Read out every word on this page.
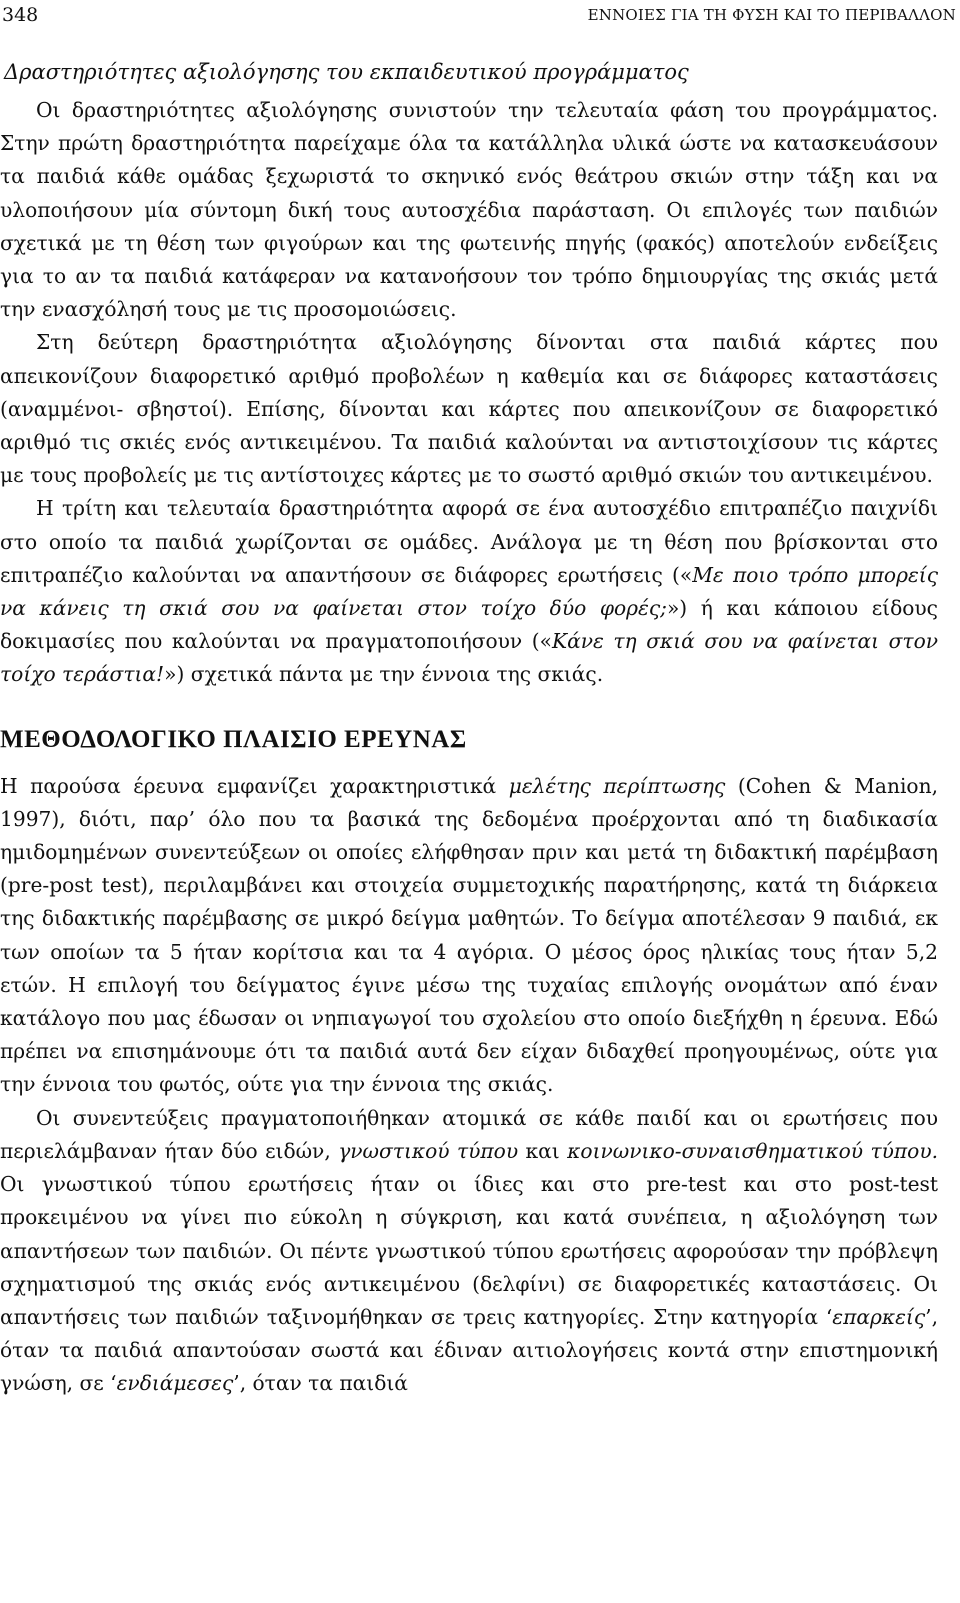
348	ΕΝΝΟΙΕΣ ΓΙΑ ΤΗ ΦΥΣΗ ΚΑΙ ΤΟ ΠΕΡΙΒΑΛΛΟΝ
Δραστηριότητες αξιολόγησης του εκπαιδευτικού προγράμματος

Οι δραστηριότητες αξιολόγησης συνιστούν την τελευταία φάση του προγράμματος. Στην πρώτη δραστηριότητα παρείχαμε όλα τα κατάλληλα υλικά ώστε να κατασκευάσουν τα παιδιά κάθε ομάδας ξεχωριστά το σκηνικό ενός θεάτρου σκιών στην τάξη και να υλοποιήσουν μία σύντομη δική τους αυτοσχέδια παράσταση. Οι επιλογές των παιδιών σχετικά με τη θέση των φιγούρων και της φωτεινής πηγής (φακός) αποτελούν ενδείξεις για το αν τα παιδιά κατάφεραν να κατανοήσουν τον τρόπο δημιουργίας της σκιάς μετά την ενασχόλησή τους με τις προσομοιώσεις.

Στη δεύτερη δραστηριότητα αξιολόγησης δίνονται στα παιδιά κάρτες που απεικονίζουν διαφορετικό αριθμό προβολέων η καθεμία και σε διάφορες καταστάσεις (αναμμένοι- σβηστοί). Επίσης, δίνονται και κάρτες που απεικονίζουν σε διαφορετικό αριθμό τις σκιές ενός αντικειμένου. Τα παιδιά καλούνται να αντιστοιχίσουν τις κάρτες με τους προβολείς με τις αντίστοιχες κάρτες με το σωστό αριθμό σκιών του αντικειμένου.

Η τρίτη και τελευταία δραστηριότητα αφορά σε ένα αυτοσχέδιο επιτραπέζιο παιχνίδι στο οποίο τα παιδιά χωρίζονται σε ομάδες. Ανάλογα με τη θέση που βρίσκονται στο επιτραπέζιο καλούνται να απαντήσουν σε διάφορες ερωτήσεις («Με ποιο τρόπο μπορείς να κάνεις τη σκιά σου να φαίνεται στον τοίχο δύο φορές;») ή και κάποιου είδους δοκιμασίες που καλούνται να πραγματοποιήσουν («Κάνε τη σκιά σου να φαίνεται στον τοίχο τεράστια!») σχετικά πάντα με την έννοια της σκιάς.

ΜΕΘΟΔΟΛΟΓΙΚΟ ΠΛΑΙΣΙΟ ΕΡΕΥΝΑΣ

Η παρούσα έρευνα εμφανίζει χαρακτηριστικά μελέτης περίπτωσης (Cohen & Manion, 1997), διότι, παρ’ όλο που τα βασικά της δεδομένα προέρχονται από τη διαδικασία ημιδομημένων συνεντεύξεων οι οποίες ελήφθησαν πριν και μετά τη διδακτική παρέμβαση (pre-post test), περιλαμβάνει και στοιχεία συμμετοχικής παρατήρησης, κατά τη διάρκεια της διδακτικής παρέμβασης σε μικρό δείγμα μαθητών. Το δείγμα αποτέλεσαν 9 παιδιά, εκ των οποίων τα 5 ήταν κορίτσια και τα 4 αγόρια. Ο μέσος όρος ηλικίας τους ήταν 5,2 ετών. Η επιλογή του δείγματος έγινε μέσω της τυχαίας επιλογής ονομάτων από έναν κατάλογο που μας έδωσαν οι νηπιαγωγοί του σχολείου στο οποίο διεξήχθη η έρευνα. Εδώ πρέπει να επισημάνουμε ότι τα παιδιά αυτά δεν είχαν διδαχθεί προηγουμένως, ούτε για την έννοια του φωτός, ούτε για την έννοια της σκιάς.

Οι συνεντεύξεις πραγματοποιήθηκαν ατομικά σε κάθε παιδί και οι ερωτήσεις που περιελάμβαναν ήταν δύο ειδών, γνωστικού τύπου και κοινωνικο-συναισθηματικού τύπου. Οι γνωστικού τύπου ερωτήσεις ήταν οι ίδιες και στο pre-test και στο post-test προκειμένου να γίνει πιο εύκολη η σύγκριση, και κατά συνέπεια, η αξιολόγηση των απαντήσεων των παιδιών. Οι πέντε γνωστικού τύπου ερωτήσεις αφορούσαν την πρόβλεψη σχηματισμού της σκιάς ενός αντικειμένου (δελφίνι) σε διαφορετικές καταστάσεις. Οι απαντήσεις των παιδιών ταξινομήθηκαν σε τρεις κατηγορίες. Στην κατηγορία ‘επαρκείς’, όταν τα παιδιά απαντούσαν σωστά και έδιναν αιτιολογήσεις κοντά στην επιστημονική γνώση, σε ‘ενδιάμεσες’, όταν τα παιδιά
